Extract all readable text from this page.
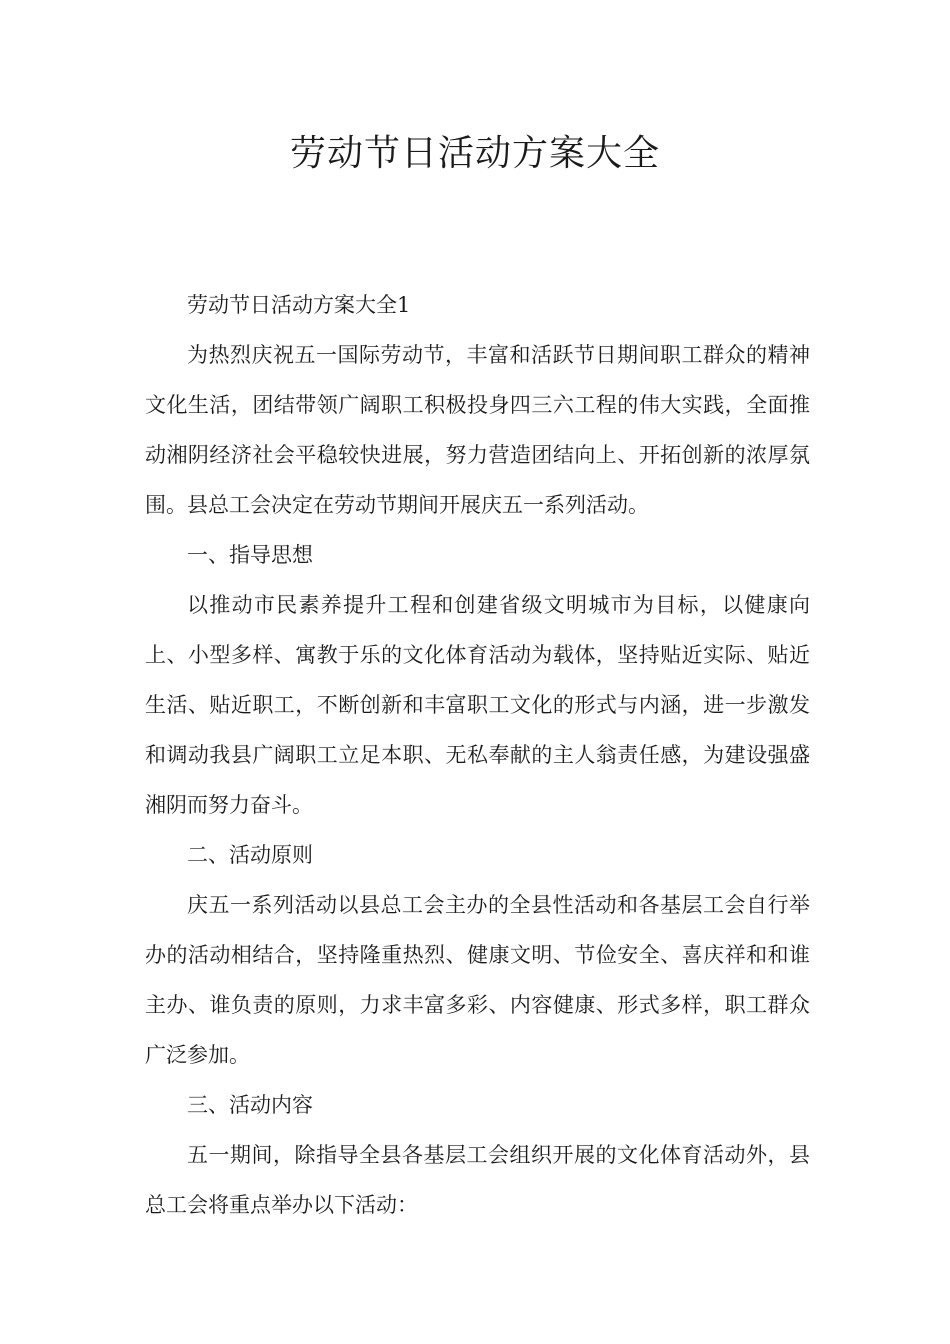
劳动节日活动方案大全

劳动节日活动方案大全1

为热烈庆祝五一国际劳动节，丰富和活跃节日期间职工群众的精神文化生活，团结带领广阔职工积极投身四三六工程的伟大实践，全面推动湘阴经济社会平稳较快进展，努力营造团结向上、开拓创新的浓厚氛围。县总工会决定在劳动节期间开展庆五一系列活动。

一、指导思想

以推动市民素养提升工程和创建省级文明城市为目标，以健康向上、小型多样、寓教于乐的文化体育活动为载体，坚持贴近实际、贴近生活、贴近职工，不断创新和丰富职工文化的形式与内涵，进一步激发和调动我县广阔职工立足本职、无私奉献的主人翁责任感，为建设强盛湘阴而努力奋斗。

二、活动原则

庆五一系列活动以县总工会主办的全县性活动和各基层工会自行举办的活动相结合，坚持隆重热烈、健康文明、节俭安全、喜庆祥和和谁主办、谁负责的原则，力求丰富多彩、内容健康、形式多样，职工群众广泛参加。

三、活动内容

五一期间，除指导全县各基层工会组织开展的文化体育活动外，县总工会将重点举办以下活动：
